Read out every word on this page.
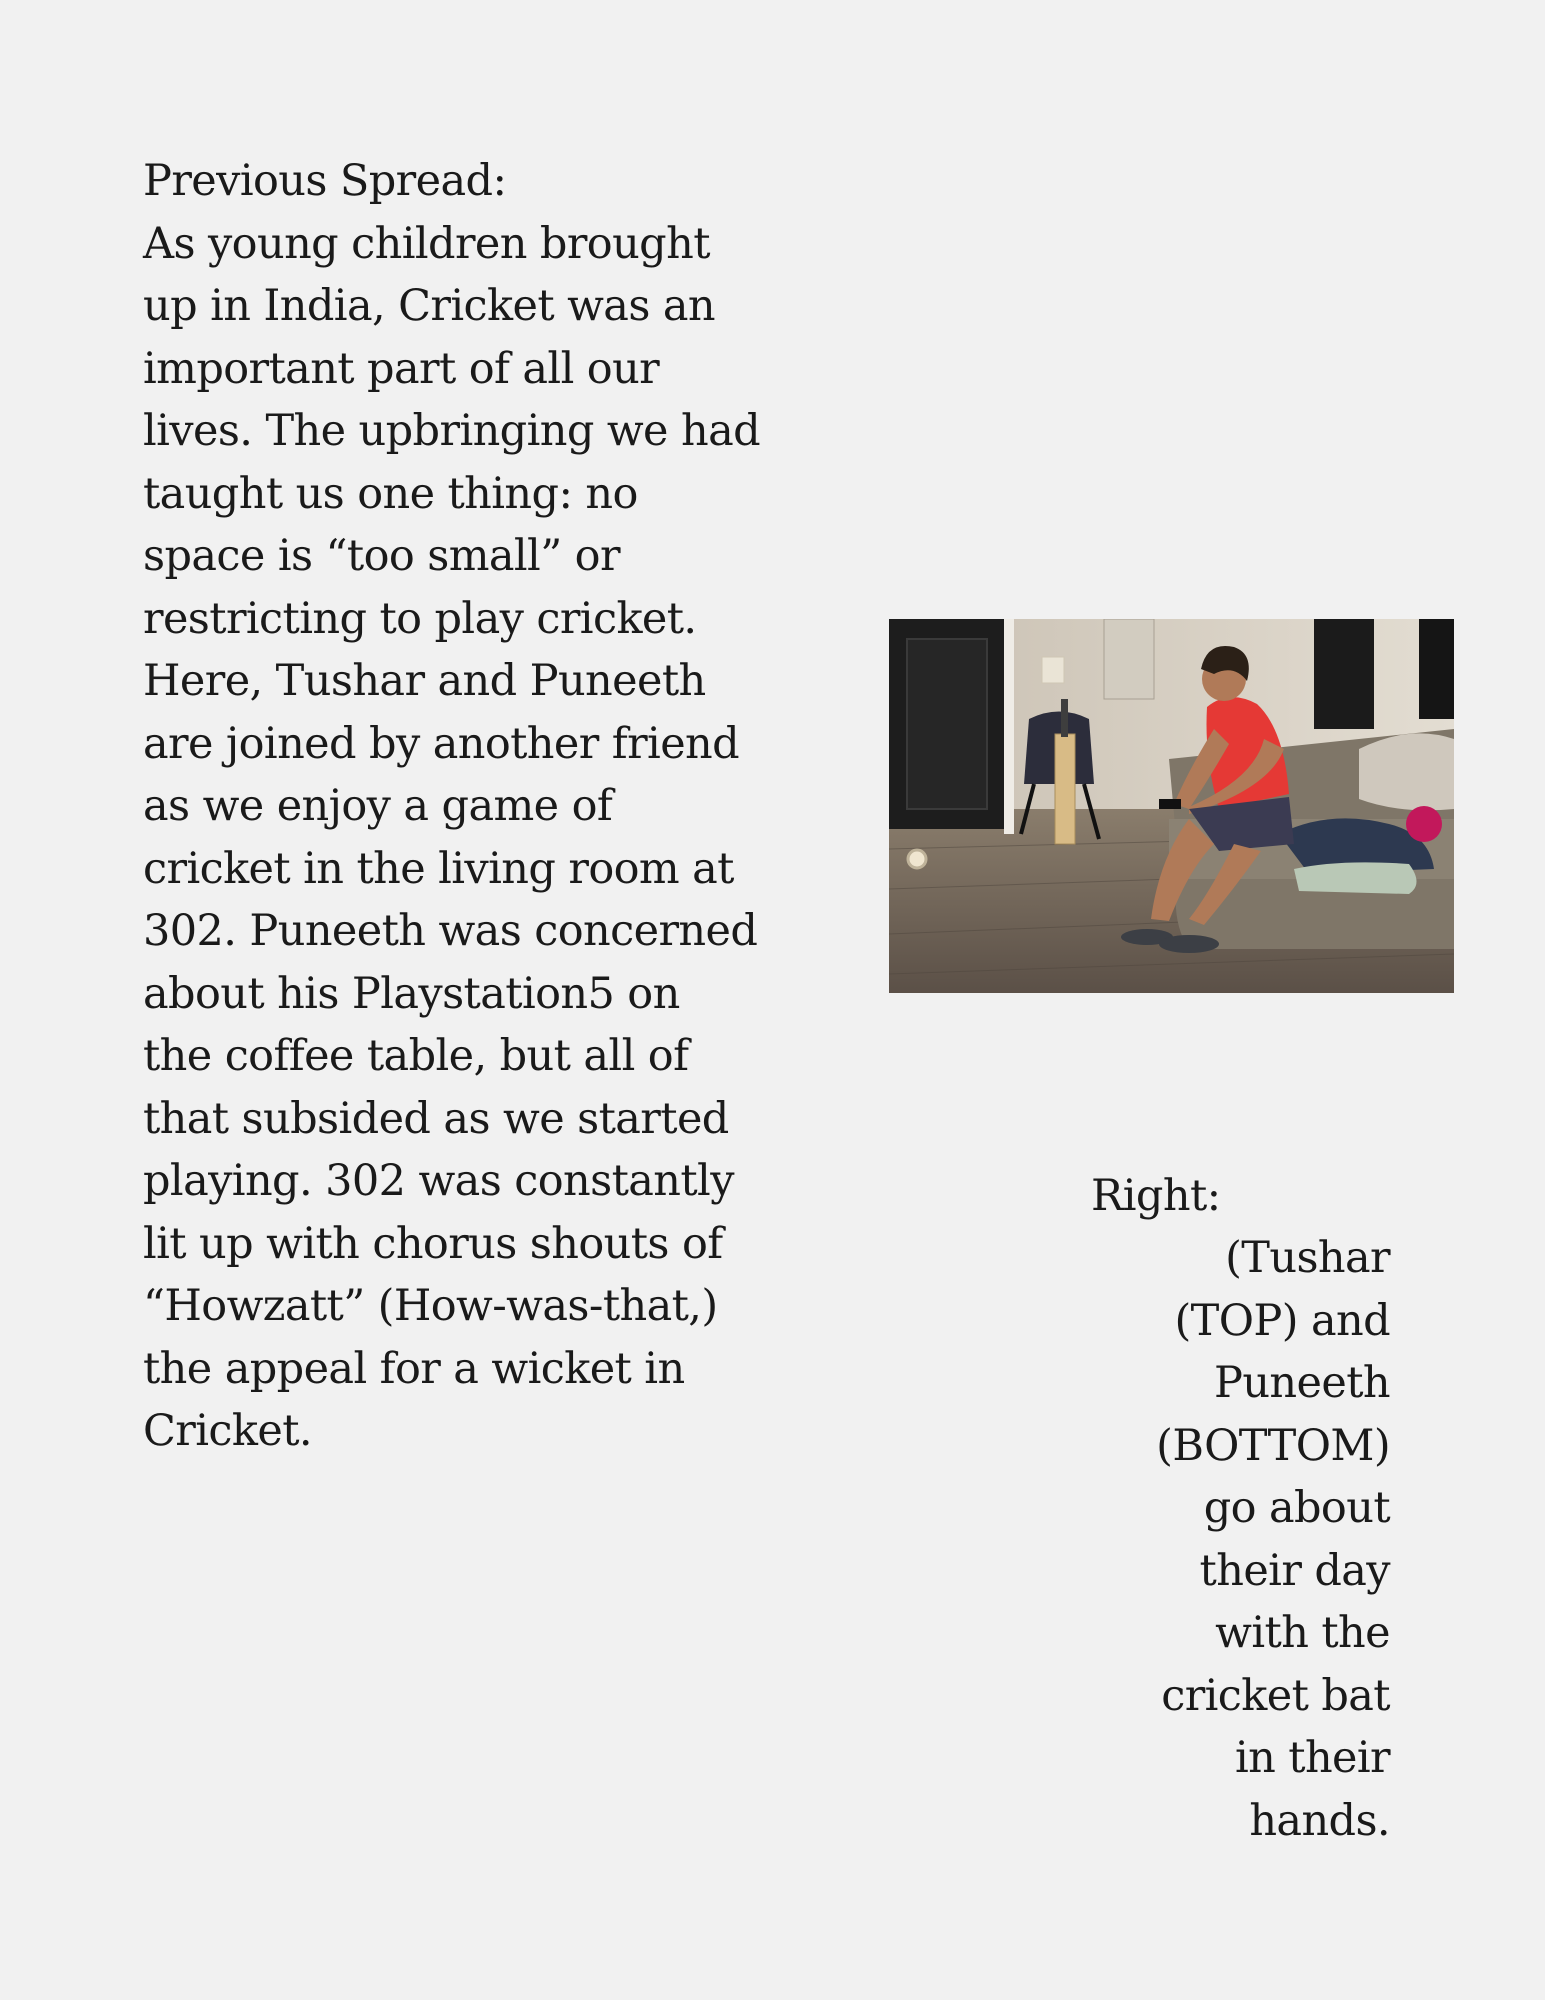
Previous Spread:
As young children brought
up in India, Cricket was an
important part of all our
lives. The upbringing we had
taught us one thing: no
space is “too small” or
restricting to play cricket.
Here, Tushar and Puneeth
are joined by another friend
as we enjoy a game of
cricket in the living room at
302. Puneeth was concerned
about his Playstation5 on
the coffee table, but all of
that subsided as we started
playing. 302 was constantly
lit up with chorus shouts of
“Howzatt” (How-was-that,)
the appeal for a wicket in
Cricket.
Right:
(Tushar
(TOP) and
Puneeth
(BOTTOM)
go about
their day
with the
cricket bat
in their
hands.
